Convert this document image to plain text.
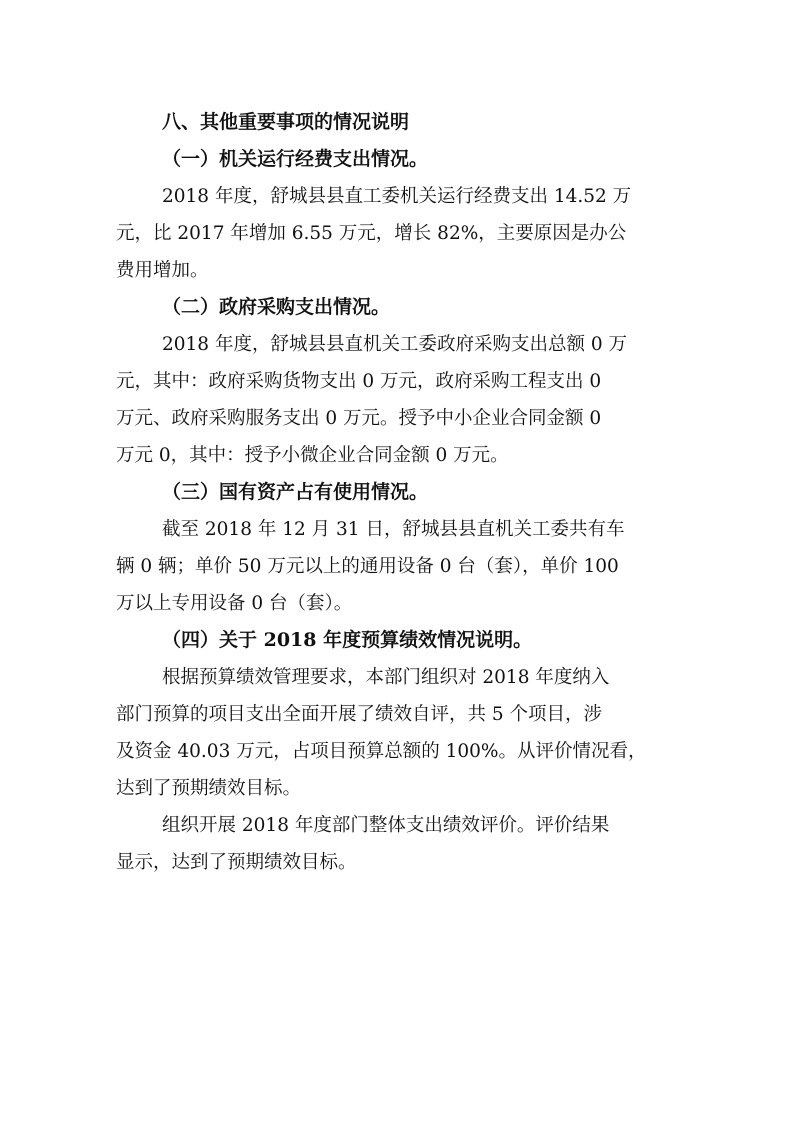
八、其他重要事项的情况说明

（一）机关运行经费支出情况。

2018 年度，舒城县县直工委机关运行经费支出 14.52 万
元，比 2017 年增加 6.55 万元，增长 82%，主要原因是办公
费用增加。

（二）政府采购支出情况。

2018 年度，舒城县县直机关工委政府采购支出总额 0 万
元，其中：政府采购货物支出 0 万元，政府采购工程支出 0
万元、政府采购服务支出 0 万元。授予中小企业合同金额 0
万元 0，其中：授予小微企业合同金额 0 万元。

（三）国有资产占有使用情况。

截至 2018 年 12 月 31 日，舒城县县直机关工委共有车
辆 0 辆；单价 50 万元以上的通用设备 0 台（套），单价 100
万以上专用设备 0 台（套）。

（四）关于 2018 年度预算绩效情况说明。

根据预算绩效管理要求，本部门组织对 2018 年度纳入
部门预算的项目支出全面开展了绩效自评，共 5 个项目，涉
及资金 40.03 万元，占项目预算总额的 100%。从评价情况看，
达到了预期绩效目标。

组织开展 2018 年度部门整体支出绩效评价。评价结果
显示，达到了预期绩效目标。
